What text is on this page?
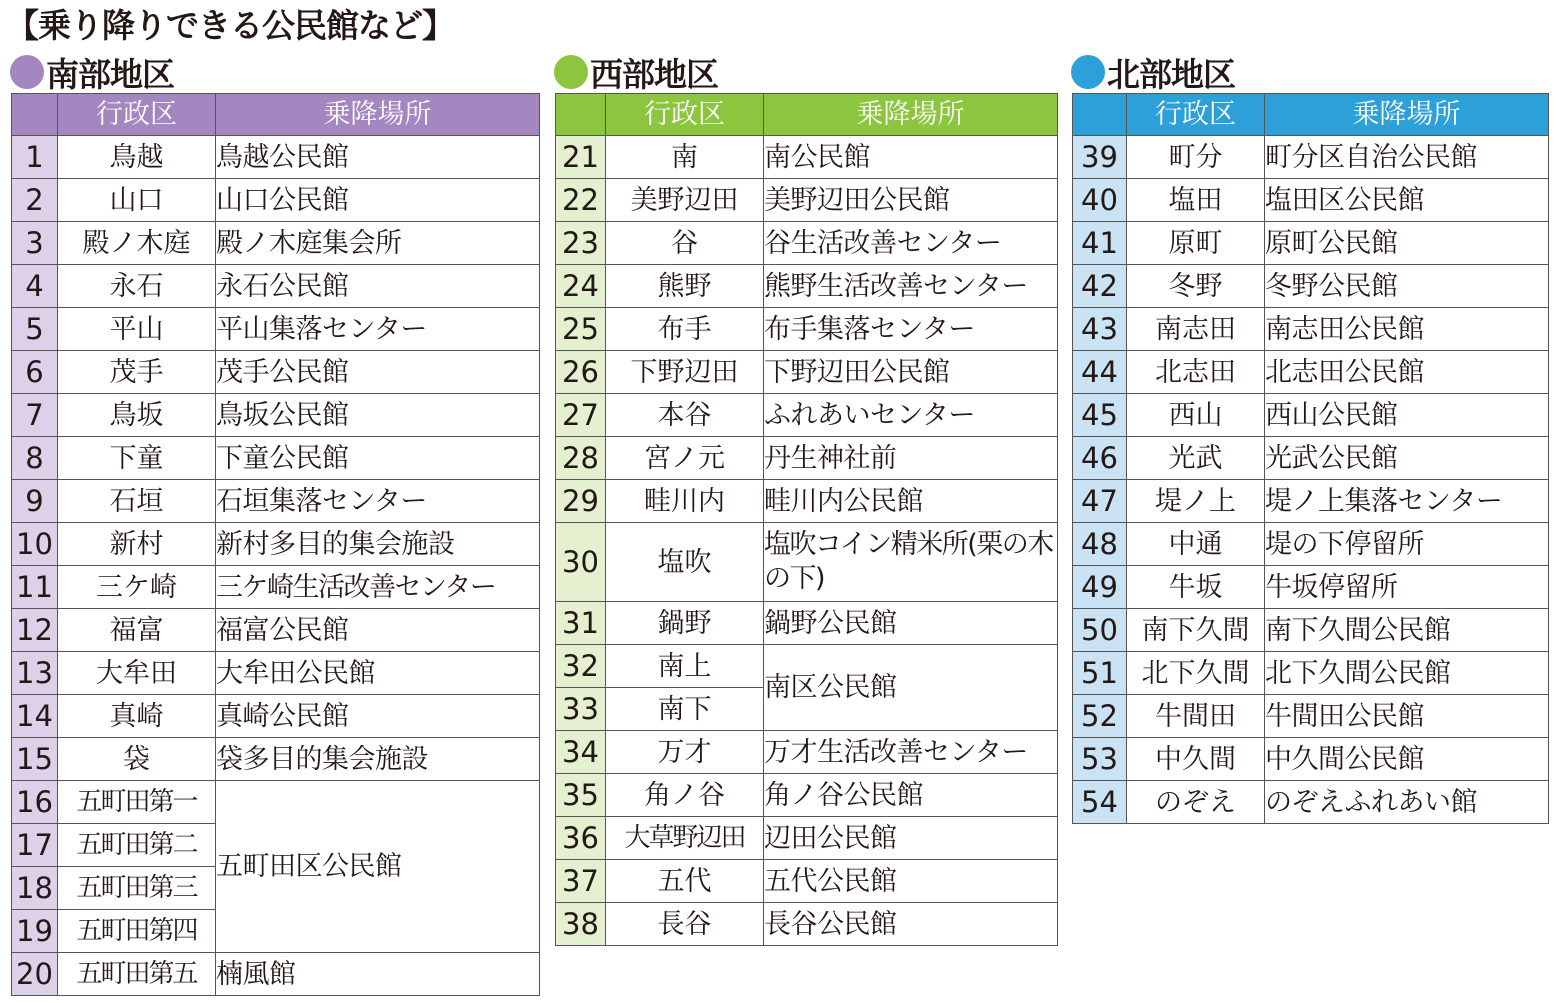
【乗り降りできる公民館など】
南部地区
	行政区	乗降場所
1	鳥越	鳥越公民館
2	山口	山口公民館
3	殿ノ木庭	殿ノ木庭集会所
4	永石	永石公民館
5	平山	平山集落センター
6	茂手	茂手公民館
7	鳥坂	鳥坂公民館
8	下童	下童公民館
9	石垣	石垣集落センター
10	新村	新村多目的集会施設
11	三ケ崎	三ケ崎生活改善センター
12	福富	福富公民館
13	大牟田	大牟田公民館
14	真崎	真崎公民館
15	袋	袋多目的集会施設
16	五町田第一	五町田区公民館
17	五町田第二	
18	五町田第三	
19	五町田第四	
20	五町田第五	楠風館
西部地区
	行政区	乗降場所
21	南	南公民館
22	美野辺田	美野辺田公民館
23	谷	谷生活改善センター
24	熊野	熊野生活改善センター
25	布手	布手集落センター
26	下野辺田	下野辺田公民館
27	本谷	ふれあいセンター
28	宮ノ元	丹生神社前
29	畦川内	畦川内公民館
30	塩吹	塩吹コイン精米所(栗の木の下)
31	鍋野	鍋野公民館
32	南上	南区公民館
33	南下	
34	万才	万才生活改善センター
35	角ノ谷	角ノ谷公民館
36	大草野辺田	辺田公民館
37	五代	五代公民館
38	長谷	長谷公民館
北部地区
	行政区	乗降場所
39	町分	町分区自治公民館
40	塩田	塩田区公民館
41	原町	原町公民館
42	冬野	冬野公民館
43	南志田	南志田公民館
44	北志田	北志田公民館
45	西山	西山公民館
46	光武	光武公民館
47	堤ノ上	堤ノ上集落センター
48	中通	堤の下停留所
49	牛坂	牛坂停留所
50	南下久間	南下久間公民館
51	北下久間	北下久間公民館
52	牛間田	牛間田公民館
53	中久間	中久間公民館
54	のぞえ	のぞえふれあい館
